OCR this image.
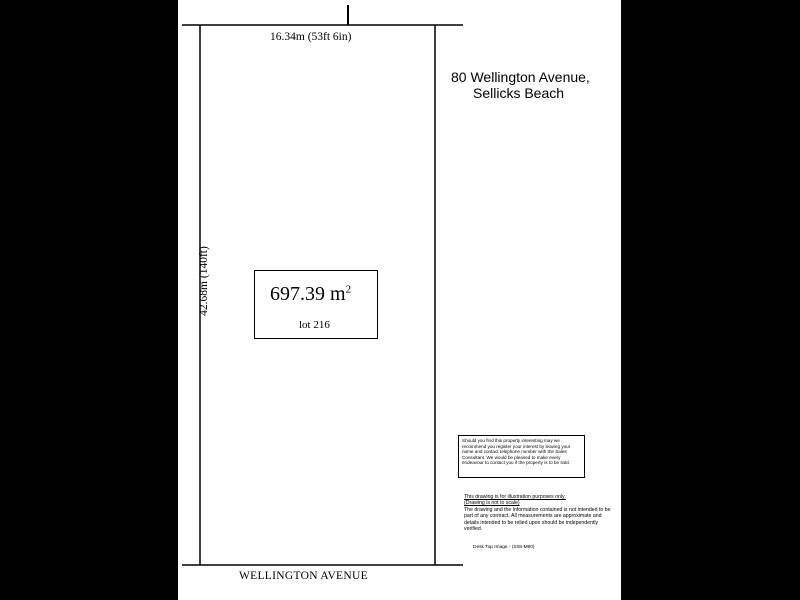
16.34m (53ft 6in)
42.68m (140ft)	697.39 $m^2$
lot 216
80 Wellington Avenue,
Sellicks Beach
Should you find this property interesting may we recommend you register your interest by leaving your name and contact telephone number with the Sales Consultant. We would be pleased to make every endeavour to contact you if the property is to be sold.
This drawing is for illustration purposes only.
(Drawing is not to scale)
The drawing and the information contained is not intended to be part of any contract. All measurements are approximate and details intended to be relied upon should be independently verified.
Desk Top Image - (S08-M90)
WELLINGTON AVENUE
